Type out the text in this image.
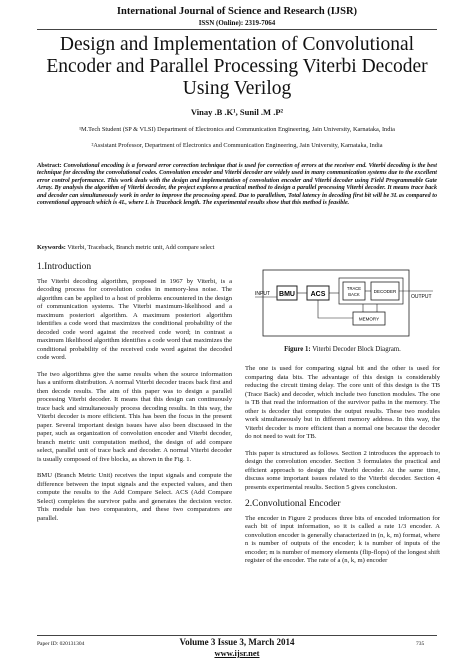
International Journal of Science and Research (IJSR)
ISSN (Online): 2319-7064
Design and Implementation of Convolutional
Encoder and Parallel Processing Viterbi Decoder
Using Verilog
Vinay .B .K¹, Sunil .M .P²
¹M.Tech Student (SP & VLSI) Department of Electronics and Communication Engineering, Jain University, Karnataka, India
²Assistant Professor, Department of Electronics and Communication Engineering, Jain University, Karnataka, India
Abstract: Convolutional encoding is a forward error correction technique that is used for correction of errors at the receiver end. Viterbi decoding is the best technique for decoding the convolutional codes. Convolution encoder and Viterbi decoder are widely used in many communication systems due to the excellent error control performance. This work deals with the design and implementation of convolution encoder and Viterbi decoder using Field Programmable Gate Array. By analysis the algorithm of Viterbi decoder, the project explores a practical method to design a parallel processing Viterbi decoder. It means trace back and decoder can simultaneously work in order to improve the processing speed. Due to parallelism, Total latency in decoding first bit will be 3L as compared to conventional approach which is 4L, where L is Traceback length. The experimental results show that this method is feasible.
Keywords: Viterbi, Traceback, Branch metric unit, Add compare select
1.Introduction

The Viterbi decoding algorithm, proposed in 1967 by Viterbi, is a decoding process for convolution codes in memory-less noise. The algorithm can be applied to a host of problems encountered in the design of communication systems. The Viterbi maximum-likelihood and a maximum posteriori algorithm. A maximum posteriori algorithm identifies a code word that maximizes the conditional probability of the decoded code word against the received code word; in contrast a maximum likelihood algorithm identifies a code word that maximizes the conditional probability of the received code word against the decoded code word.

The two algorithms give the same results when the source information has a uniform distribution. A normal Viterbi decoder traces back first and then decode results. The aim of this paper was to design a parallel processing Viterbi decoder. It means that this design can continuously trace back and simultaneously process decoding results. In this way, the Viterbi decoder is more efficient. This has been the focus in the present paper. Several important design issues have also been discussed in the paper, such as organization of convolution encoder and Viterbi decoder, branch metric unit computation method, the design of add compare select, parallel unit of trace back and decoder. A normal Viterbi decoder is usually composed of five blocks, as shown in the Fig. 1.

BMU (Branch Metric Unit) receives the input signals and compute the difference between the input signals and the expected values, and then compute the results to the Add Compare Select. ACS (Add Compare Select) completes the survivor paths and generates the decision vector. This module has two comparators, and these two comparators are parallel.

INPUT BMU ACS
TRACE
BACK
DECODER
OUTPUT
MEMORY
Figure 1: Viterbi Decoder Block Diagram.

The one is used for comparing signal bit and the other is used for comparing data bits. The advantage of this design is considerably reducing the circuit timing delay. The core unit of this design is the TB (Trace Back) and decoder, which include two function modules. The one is TB that read the information of the survivor paths in the memory. The other is decoder that computes the output results. These two modules work simultaneously but in different memory address. In this way, the Viterbi decoder is more efficient than a normal one because the decoder do not need to wait for TB.

This paper is structured as follows. Section 2 introduces the approach to design the convolution encoder. Section 3 formulates the practical and efficient approach to design the Viterbi decoder. At the same time, discuss some important issues related to the Viterbi decoder. Section 4 presents experimental results. Section 5 gives conclusion.

2.Convolutional Encoder

The encoder in Figure 2 produces three bits of encoded information for each bit of input information, so it is called a rate 1/3 encoder. A convolution encoder is generally characterized in (n, k, m) format, where n is number of outputs of the encoder; k is number of inputs of the encoder; m is number of memory elements (flip-flops) of the longest shift register of the encoder. The rate of a (n, k, m) encoder

Paper ID: 020131304	Volume 3 Issue 3, March 2014
www.ijsr.net
735
